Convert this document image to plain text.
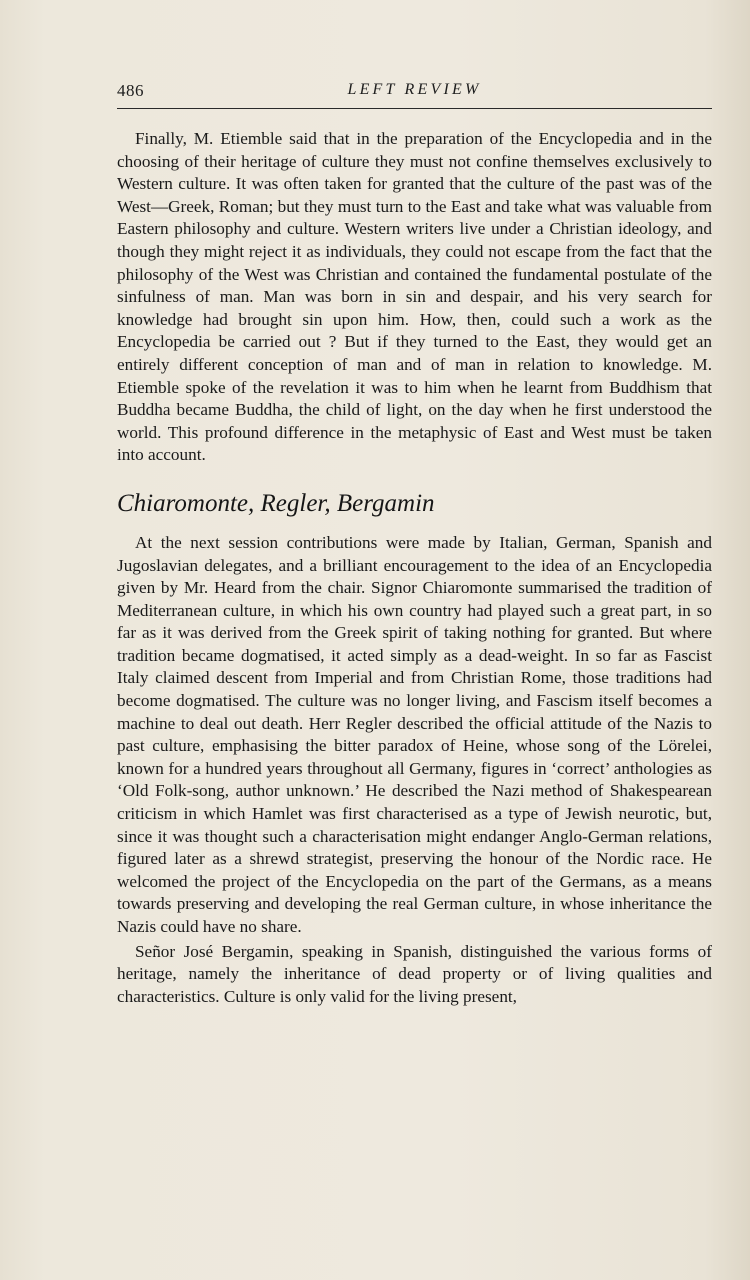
486	LEFT REVIEW

Finally, M. Etiemble said that in the preparation of the Encyclopedia and in the choosing of their heritage of culture they must not confine themselves exclusively to Western culture. It was often taken for granted that the culture of the past was of the West—Greek, Roman; but they must turn to the East and take what was valuable from Eastern philosophy and culture. Western writers live under a Christian ideology, and though they might reject it as individuals, they could not escape from the fact that the philosophy of the West was Christian and contained the fundamental postulate of the sinfulness of man. Man was born in sin and despair, and his very search for knowledge had brought sin upon him. How, then, could such a work as the Encyclopedia be carried out ? But if they turned to the East, they would get an entirely different conception of man and of man in relation to knowledge. M. Etiemble spoke of the revelation it was to him when he learnt from Buddhism that Buddha became Buddha, the child of light, on the day when he first understood the world. This profound difference in the metaphysic of East and West must be taken into account.

Chiaromonte, Regler, Bergamin

At the next session contributions were made by Italian, German, Spanish and Jugoslavian delegates, and a brilliant encouragement to the idea of an Encyclopedia given by Mr. Heard from the chair. Signor Chiaromonte summarised the tradition of Mediterranean culture, in which his own country had played such a great part, in so far as it was derived from the Greek spirit of taking nothing for granted. But where tradition became dogmatised, it acted simply as a dead-weight. In so far as Fascist Italy claimed descent from Imperial and from Christian Rome, those traditions had become dogmatised. The culture was no longer living, and Fascism itself becomes a machine to deal out death. Herr Regler described the official attitude of the Nazis to past culture, emphasising the bitter paradox of Heine, whose song of the Lörelei, known for a hundred years throughout all Germany, figures in ‘correct’ anthologies as ‘Old Folk-song, author unknown.’ He described the Nazi method of Shakespearean criticism in which Hamlet was first characterised as a type of Jewish neurotic, but, since it was thought such a characterisation might endanger Anglo-German relations, figured later as a shrewd strategist, preserving the honour of the Nordic race. He welcomed the project of the Encyclopedia on the part of the Germans, as a means towards preserving and developing the real German culture, in whose inheritance the Nazis could have no share.

Señor José Bergamin, speaking in Spanish, distinguished the various forms of heritage, namely the inheritance of dead property or of living qualities and characteristics. Culture is only valid for the living present,
